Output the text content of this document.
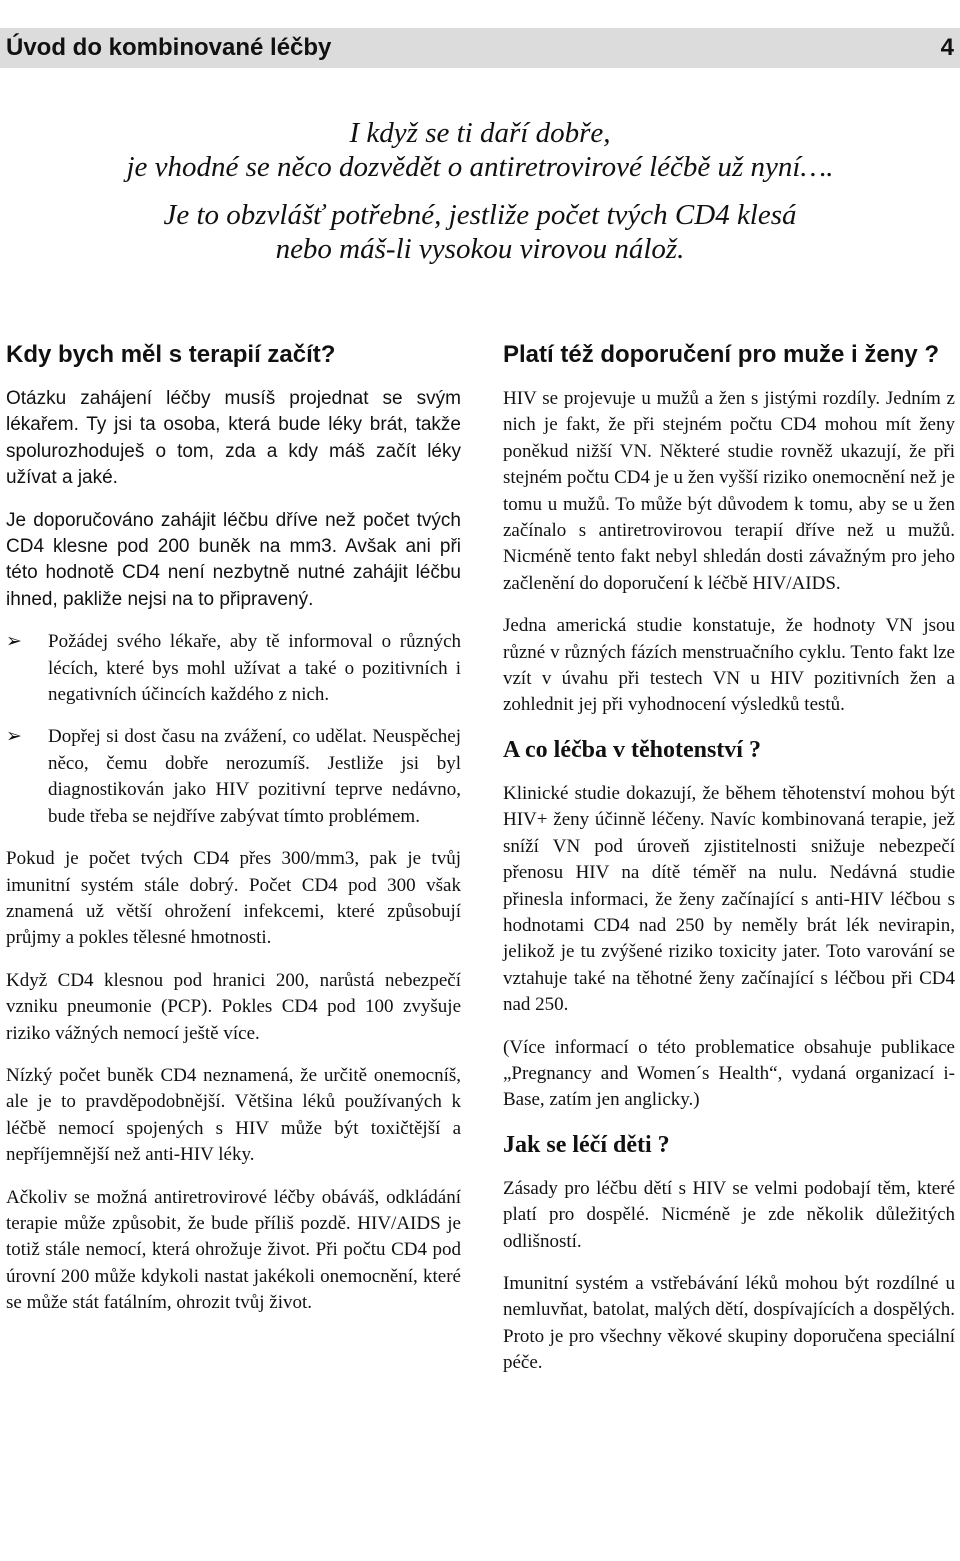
Úvod do kombinované léčby	4

I když se ti daří dobře,
je vhodné se něco dozvědět o antiretrovirové léčbě už nyní….

Je to obzvlášť potřebné, jestliže počet tvých CD4 klesá
nebo máš-li vysokou virovou nálož.

Kdy bych měl s terapií začít?

Otázku zahájení léčby musíš projednat se svým lékařem. Ty jsi ta osoba, která bude léky brát, takže spolurozhoduješ o tom, zda a kdy máš začít léky užívat a jaké.

Je doporučováno zahájit léčbu dříve než počet tvých CD4 klesne pod 200 buněk na mm3. Avšak ani při této hodnotě CD4 není nezbytně nutné zahájit léčbu ihned, pakliže nejsi na to připravený.

➢	Požádej svého lékaře, aby tě informoval o různých lécích, které bys mohl užívat a také o pozitivních i negativních účincích každého z nich.
➢	Dopřej si dost času na zvážení, co udělat. Neuspěchej něco, čemu dobře nerozumíš. Jestliže jsi byl diagnostikován jako HIV pozitivní teprve nedávno, bude třeba se nejdříve zabývat tímto problémem.

Pokud je počet tvých CD4 přes 300/mm3, pak je tvůj imunitní systém stále dobrý. Počet CD4 pod 300 však znamená už větší ohrožení infekcemi, které způsobují průjmy a pokles tělesné hmotnosti.

Když CD4 klesnou pod hranici 200, narůstá nebezpečí vzniku pneumonie (PCP). Pokles CD4 pod 100 zvyšuje riziko vážných nemocí ještě více.

Nízký počet buněk CD4 neznamená, že určitě onemocníš, ale je to pravděpodobnější. Většina léků používaných k léčbě nemocí spojených s HIV může být toxičtější a nepříjemnější než anti-HIV léky.

Ačkoliv se možná antiretrovirové léčby obáváš, odkládání terapie může způsobit, že bude příliš pozdě. HIV/AIDS je totiž stále nemocí, která ohrožuje život. Při počtu CD4 pod úrovní 200 může kdykoli nastat jakékoli onemocnění, které se může stát fatálním, ohrozit tvůj život.

Platí též doporučení pro muže i ženy ?

HIV se projevuje u mužů a žen s jistými rozdíly. Jedním z nich je fakt, že při stejném počtu CD4 mohou mít ženy poněkud nižší VN. Některé studie rovněž ukazují, že při stejném počtu CD4 je u žen vyšší riziko onemocnění než je tomu u mužů. To může být důvodem k tomu, aby se u žen začínalo s antiretrovirovou terapií dříve než u mužů. Nicméně tento fakt nebyl shledán dosti závažným pro jeho začlenění do doporučení k léčbě HIV/AIDS.

Jedna americká studie konstatuje, že hodnoty VN jsou různé v různých fázích menstruačního cyklu. Tento fakt lze vzít v úvahu při testech VN u HIV pozitivních žen a zohlednit jej při vyhodnocení výsledků testů.

A co léčba v těhotenství ?

Klinické studie dokazují, že během těhotenství mohou být HIV+ ženy účinně léčeny. Navíc kombinovaná terapie, jež sníží VN pod úroveň zjistitelnosti snižuje nebezpečí přenosu HIV na dítě téměř na nulu. Nedávná studie přinesla informaci, že ženy začínající s anti-HIV léčbou s hodnotami CD4 nad 250 by neměly brát lék nevirapin, jelikož je tu zvýšené riziko toxicity jater. Toto varování se vztahuje také na těhotné ženy začínající s léčbou při CD4 nad 250.

(Více informací o této problematice obsahuje publikace „Pregnancy and Women´s Health“, vydaná organizací i-Base, zatím jen anglicky.)

Jak se léčí děti ?

Zásady pro léčbu dětí s HIV se velmi podobají těm, které platí pro dospělé. Nicméně je zde několik důležitých odlišností.

Imunitní systém a vstřebávání léků mohou být rozdílné u nemluvňat, batolat, malých dětí, dospívajících a dospělých. Proto je pro všechny věkové skupiny doporučena speciální péče.
